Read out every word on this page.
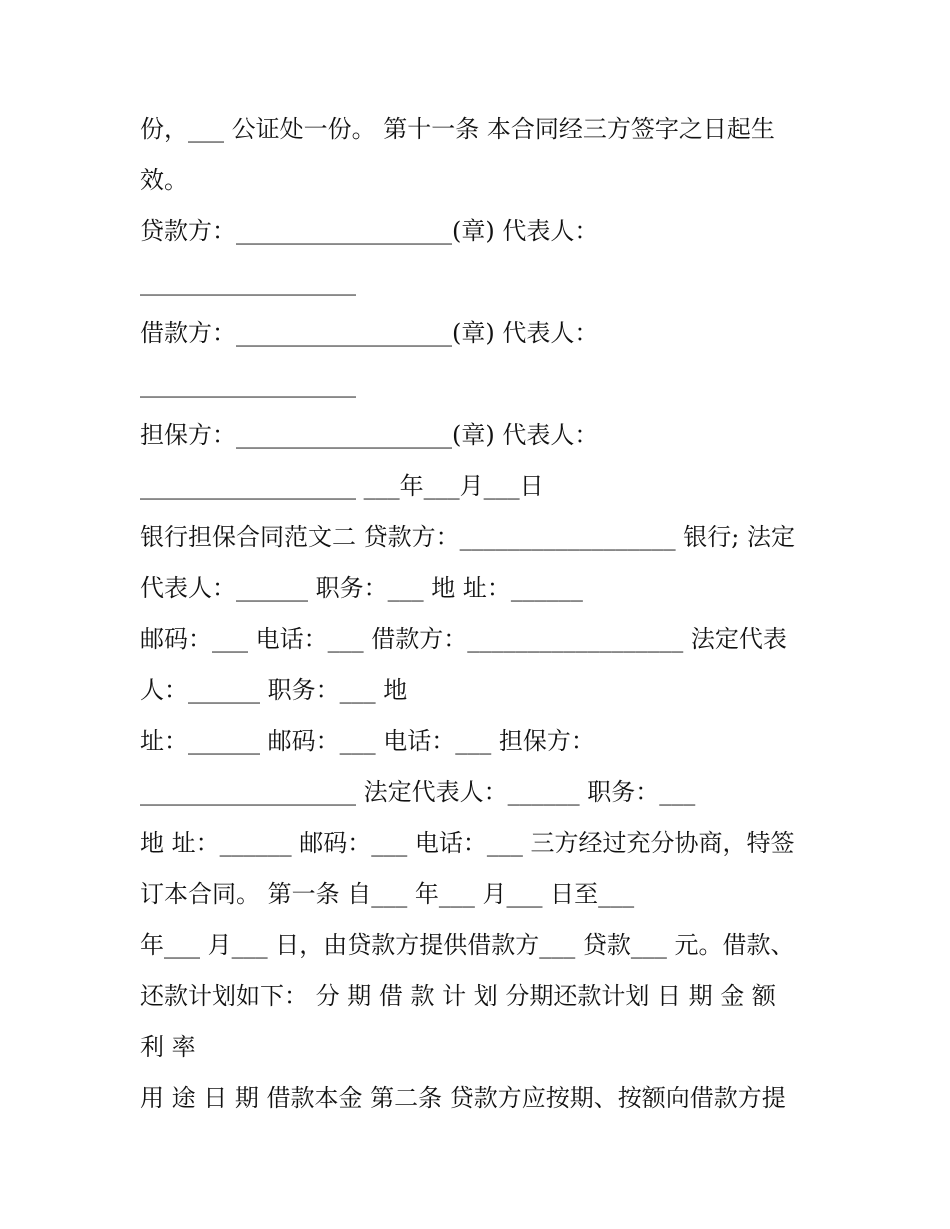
份，___ 公证处一份。 第十一条 本合同经三方签字之日起生
效。
贷款方：__________________(章) 代表人：
__________________
借款方：__________________(章) 代表人：
__________________
担保方：__________________(章) 代表人：
__________________ ___年___月___日
银行担保合同范文二 贷款方：__________________ 银行; 法定
代表人：______ 职务：___ 地 址：______
邮码：___ 电话：___ 借款方：__________________ 法定代表
人：______ 职务：___ 地
址：______ 邮码：___ 电话：___ 担保方：
__________________ 法定代表人：______ 职务：___
地 址：______ 邮码：___ 电话：___ 三方经过充分协商，特签
订本合同。 第一条 自___ 年___ 月___ 日至___
年___ 月___ 日，由贷款方提供借款方___ 贷款___ 元。借款、
还款计划如下： 分 期 借 款 计 划 分期还款计划 日 期 金 额
利 率
用 途 日 期 借款本金 第二条 贷款方应按期、按额向借款方提
